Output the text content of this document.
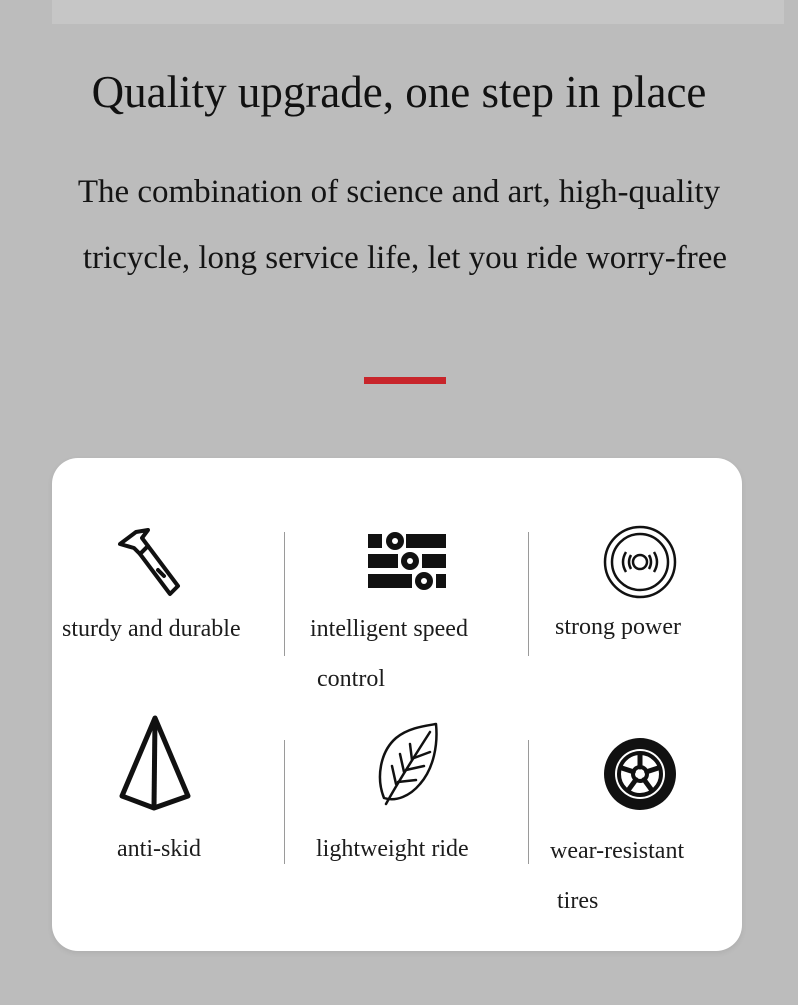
Quality upgrade, one step in place
The combination of science and art, high-quality
tricycle, long service life, let you ride worry-free
sturdy and durable	intelligent speed
control
strong power
anti-skid	lightweight ride	wear-resistant
tires
